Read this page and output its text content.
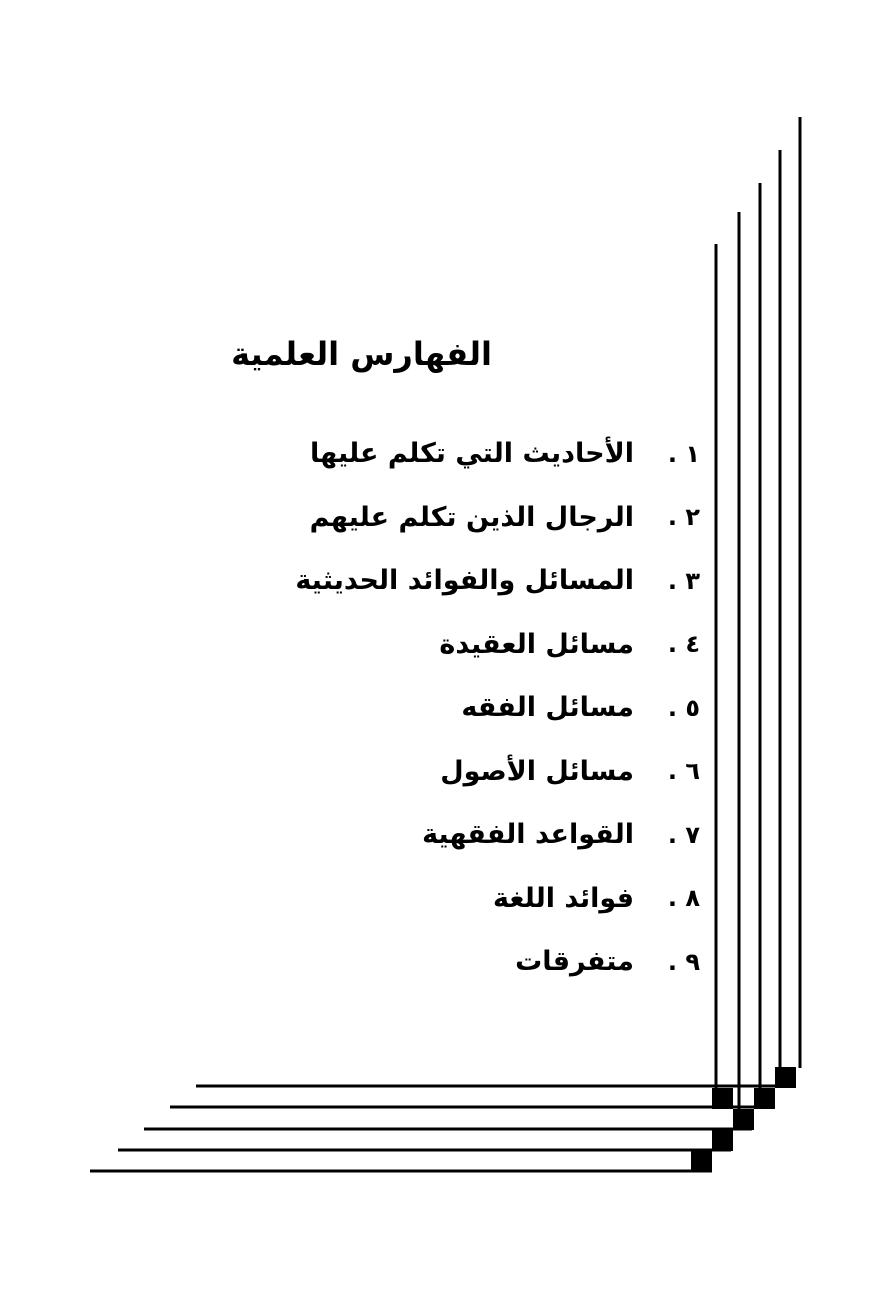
الفهارس العلمية
١ .
الأحاديث التي تكلم عليها
٢ .
الرجال الذين تكلم عليهم
٣ .
المسائل والفوائد الحديثية
٤ .
مسائل العقيدة
٥ .
مسائل الفقه
٦ .
مسائل الأصول
٧ .
القواعد الفقهية
٨ .
فوائد اللغة
٩ .
متفرقات
